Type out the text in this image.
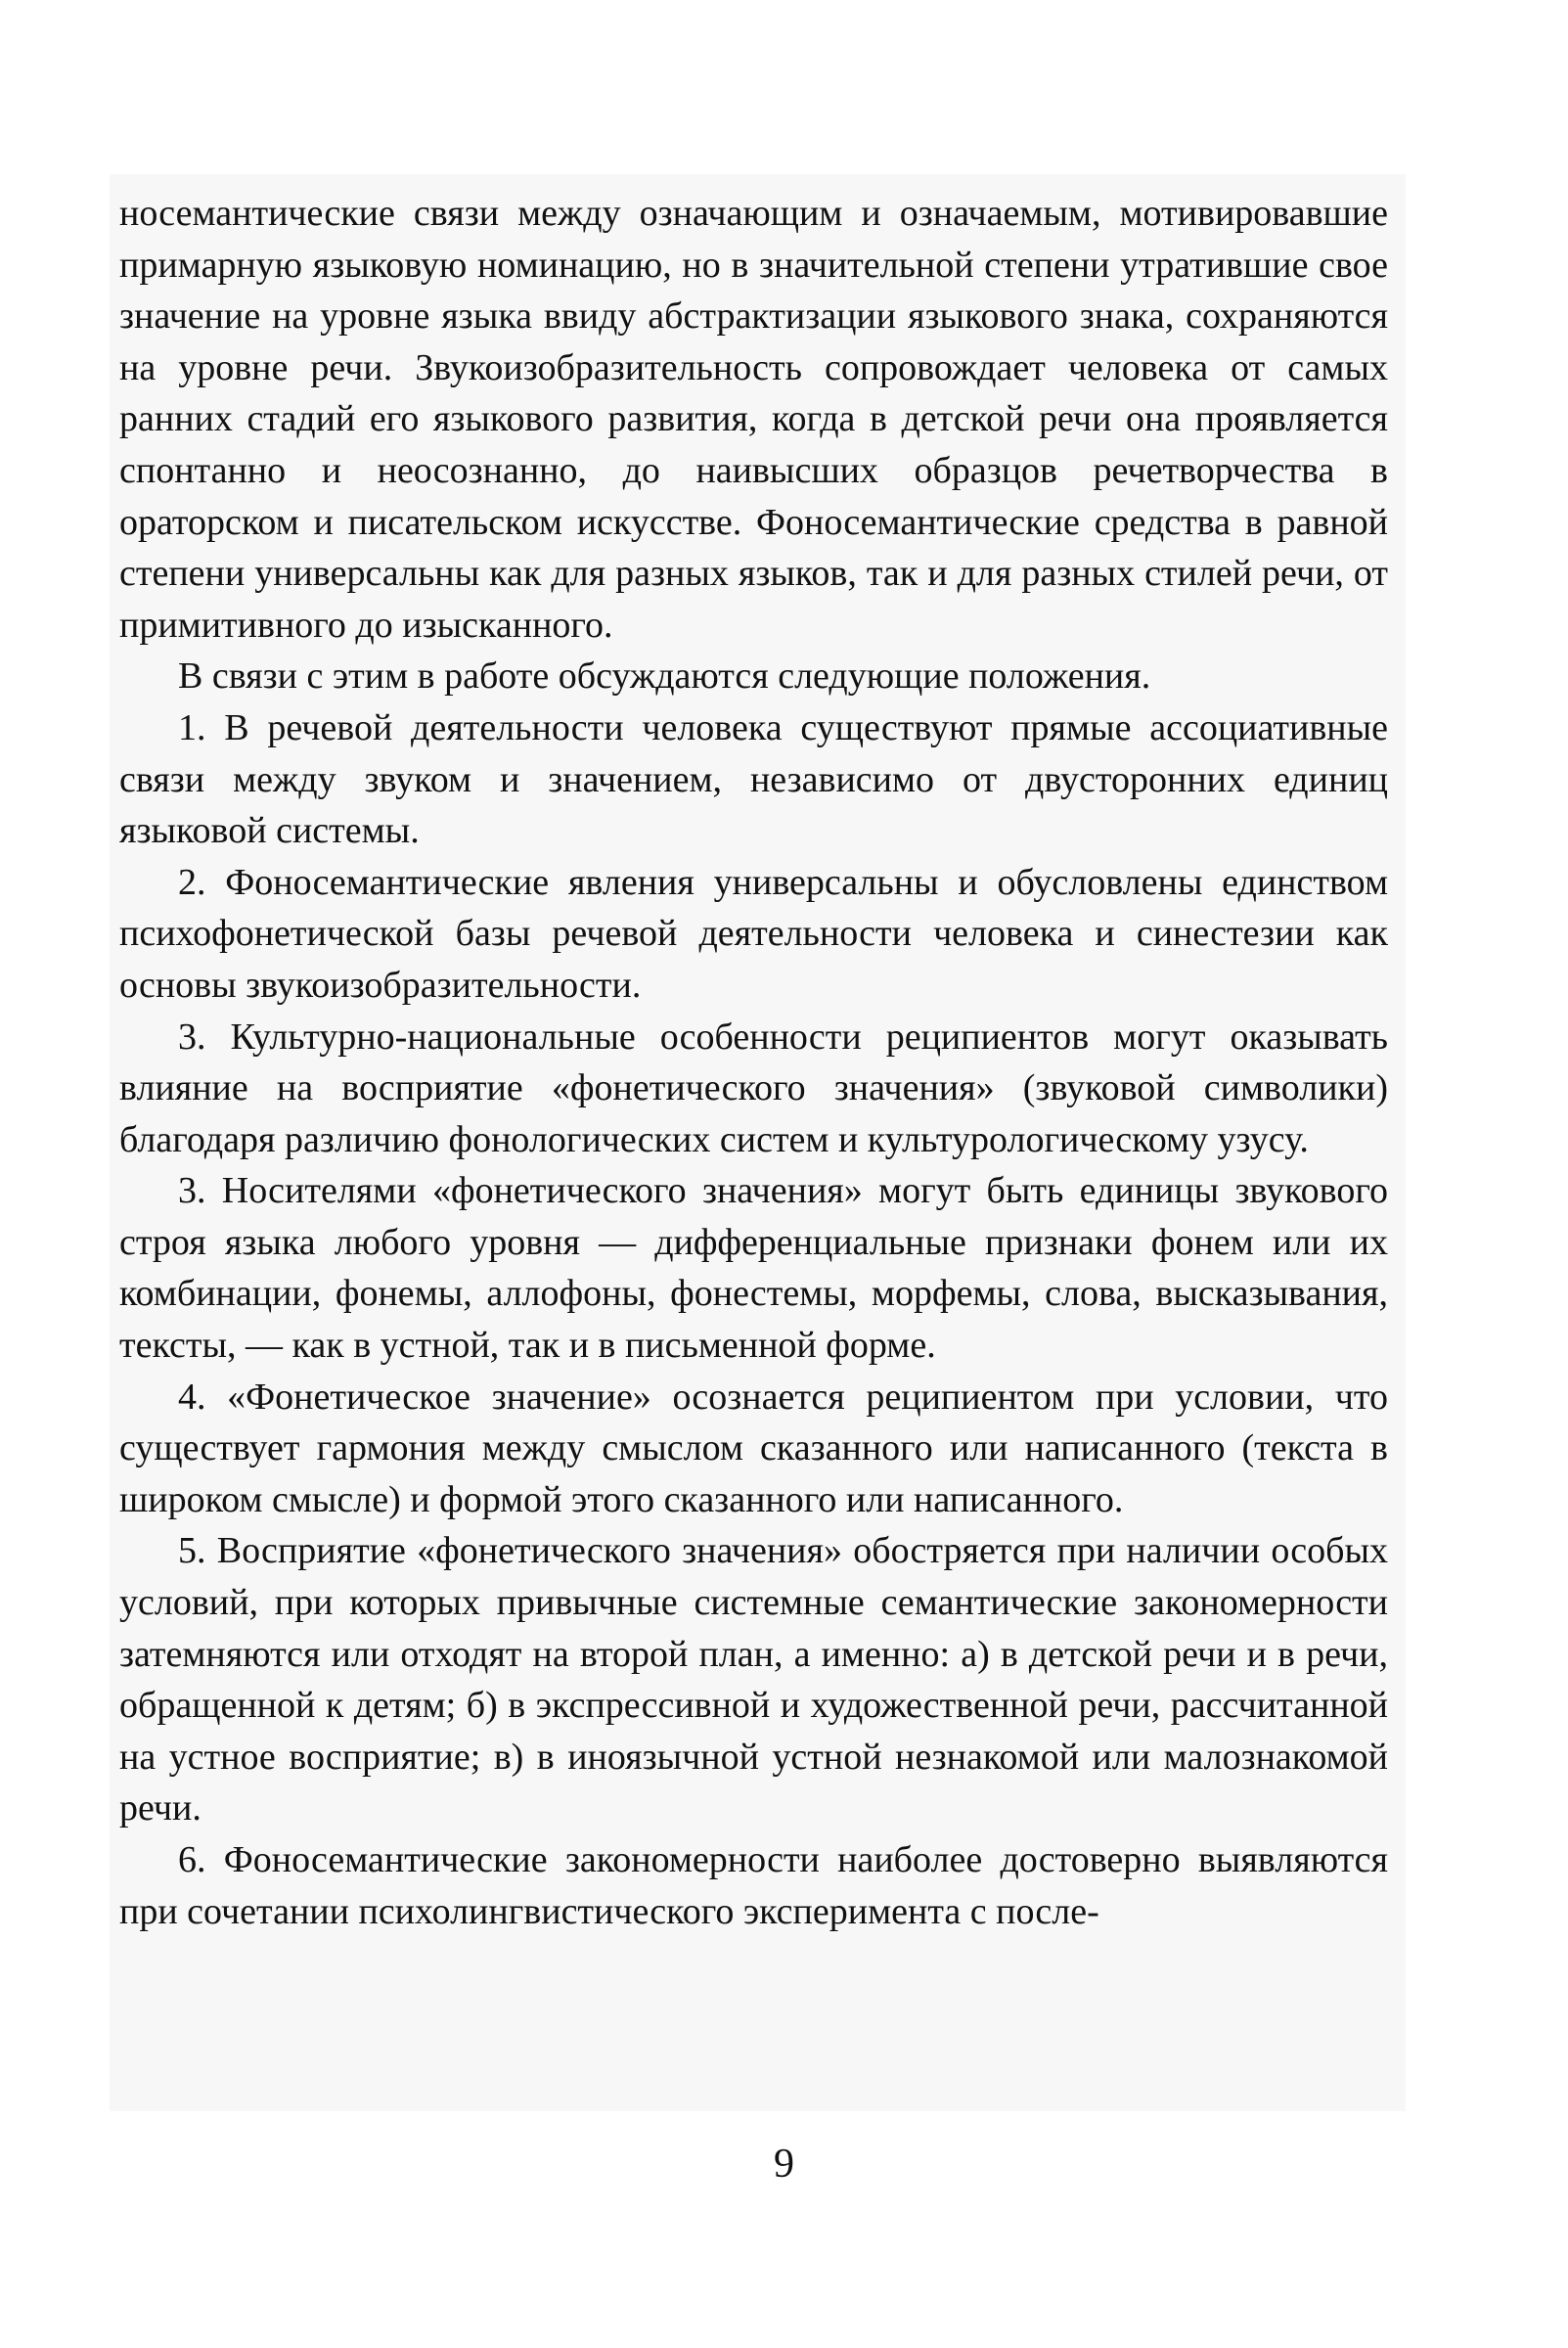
носемантические связи между означающим и означаемым, мотивировавшие примарную языковую номинацию, но в значительной степени утратившие свое значение на уровне языка ввиду абстрактизации языкового знака, сохраняются на уровне речи. Звукоизобразительность сопровождает человека от самых ранних стадий его языкового развития, когда в детской речи она проявляется спонтанно и неосознанно, до наивысших образцов речетворчества в ораторском и писательском искусстве. Фоносемантические средства в равной степени универсальны как для разных языков, так и для разных стилей речи, от примитивного до изысканного.

В связи с этим в работе обсуждаются следующие положения.

1. В речевой деятельности человека существуют прямые ассоциативные связи между звуком и значением, независимо от двусторонних единиц языковой системы.

2. Фоносемантические явления универсальны и обусловлены единством психофонетической базы речевой деятельности человека и синестезии как основы звукоизобразительности.

3. Культурно-национальные особенности реципиентов могут оказывать влияние на восприятие «фонетического значения» (звуковой символики) благодаря различию фонологических систем и культурологическому узусу.

3. Носителями «фонетического значения» могут быть единицы звукового строя языка любого уровня — дифференциальные признаки фонем или их комбинации, фонемы, аллофоны, фонестемы, морфемы, слова, высказывания, тексты, — как в устной, так и в письменной форме.

4. «Фонетическое значение» осознается реципиентом при условии, что существует гармония между смыслом сказанного или написанного (текста в широком смысле) и формой этого сказанного или написанного.

5. Восприятие «фонетического значения» обостряется при наличии особых условий, при которых привычные системные семантические закономерности затемняются или отходят на второй план, а именно: а) в детской речи и в речи, обращенной к детям; б) в экспрессивной и художественной речи, рассчитанной на устное восприятие; в) в иноязычной устной незнакомой или малознакомой речи.

6. Фоносемантические закономерности наиболее достоверно выявляются при сочетании психолингвистического эксперимента с после-

9
